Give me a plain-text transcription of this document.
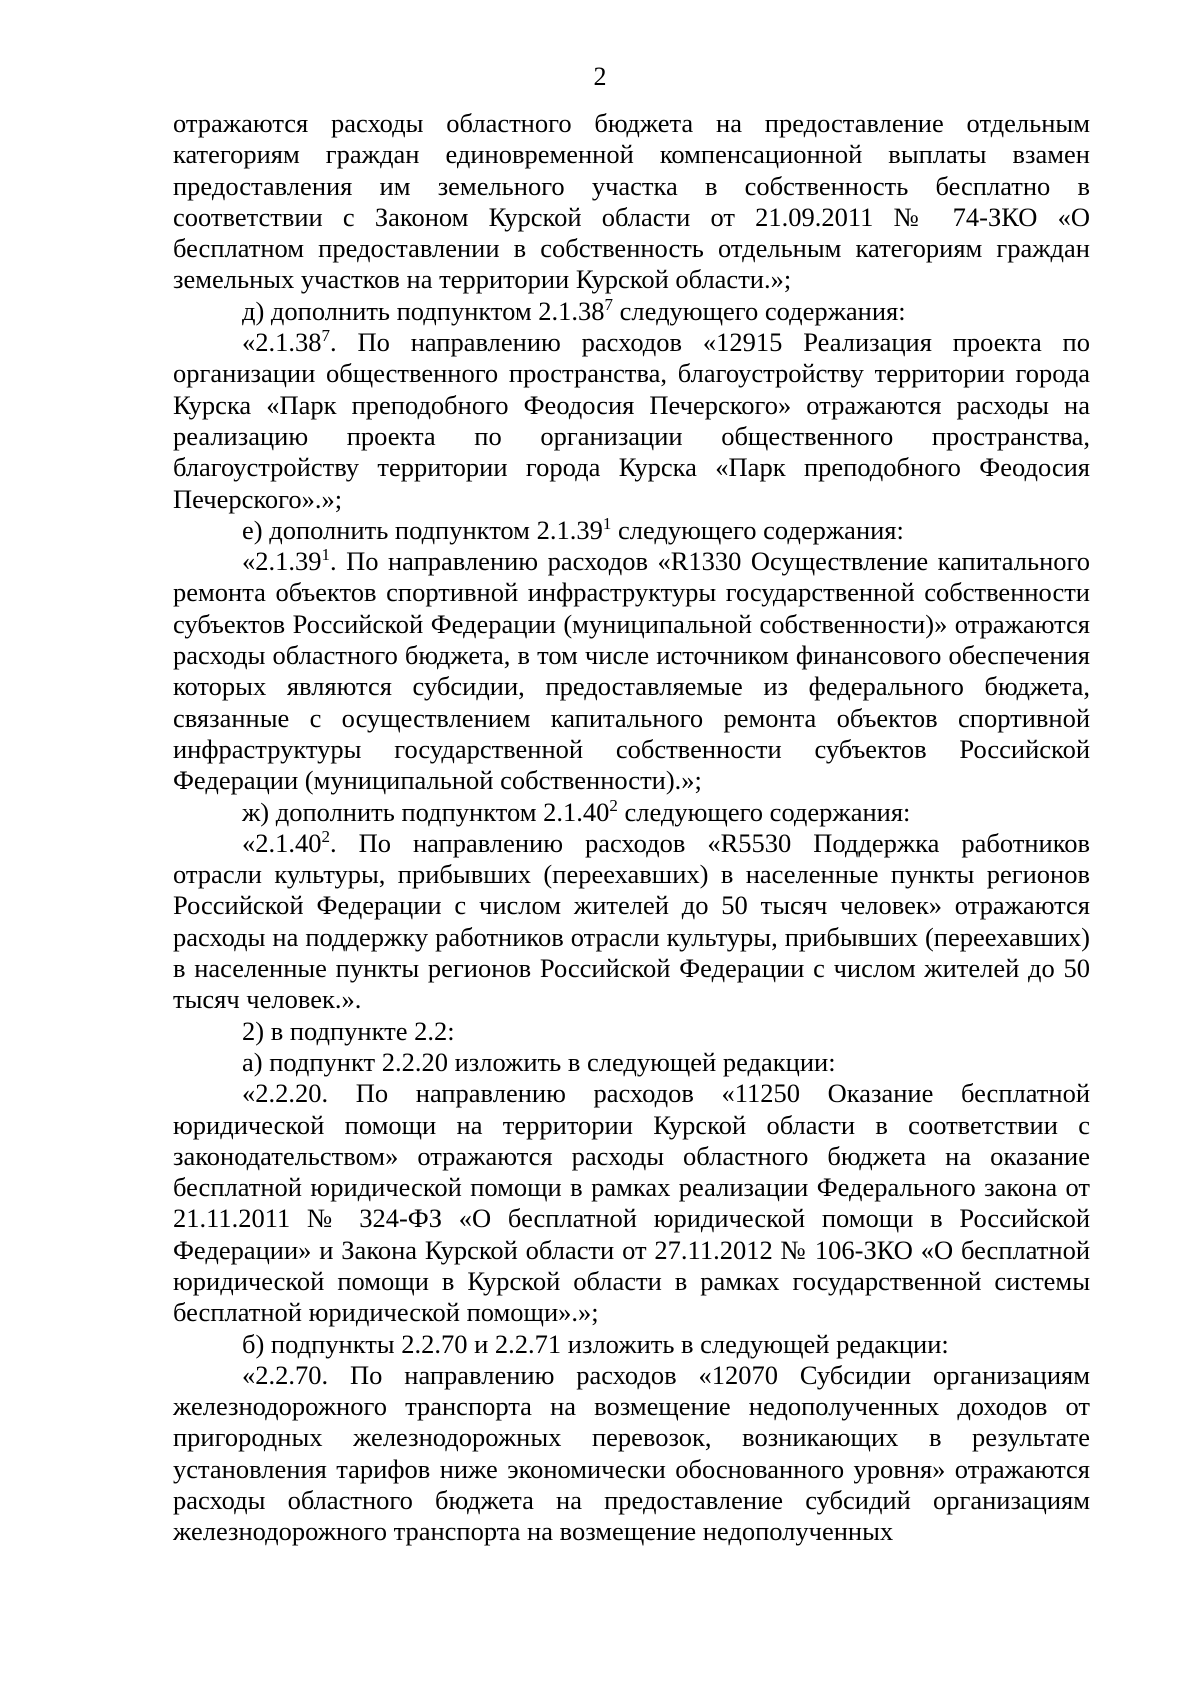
2

отражаются расходы областного бюджета на предоставление отдельным категориям граждан единовременной компенсационной выплаты взамен предоставления им земельного участка в собственность бесплатно в соответствии с Законом Курской области от 21.09.2011 № 74-ЗКО «О бесплатном предоставлении в собственность отдельным категориям граждан земельных участков на территории Курской области.»;

д) дополнить подпунктом 2.1.38$^7$ следующего содержания:

«2.1.38$^7$. По направлению расходов «12915 Реализация проекта по организации общественного пространства, благоустройству территории города Курска «Парк преподобного Феодосия Печерского» отражаются расходы на реализацию проекта по организации общественного пространства, благоустройству территории города Курска «Парк преподобного Феодосия Печерского».»;

е) дополнить подпунктом 2.1.39$^1$ следующего содержания:

«2.1.39$^1$. По направлению расходов «R1330 Осуществление капитального ремонта объектов спортивной инфраструктуры государственной собственности субъектов Российской Федерации (муниципальной собственности)» отражаются расходы областного бюджета, в том числе источником финансового обеспечения которых являются субсидии, предоставляемые из федерального бюджета, связанные с осуществлением капитального ремонта объектов спортивной инфраструктуры государственной собственности субъектов Российской Федерации (муниципальной собственности).»;

ж) дополнить подпунктом 2.1.40$^2$ следующего содержания:

«2.1.40$^2$. По направлению расходов «R5530 Поддержка работников отрасли культуры, прибывших (переехавших) в населенные пункты регионов Российской Федерации с числом жителей до 50 тысяч человек» отражаются расходы на поддержку работников отрасли культуры, прибывших (переехавших) в населенные пункты регионов Российской Федерации с числом жителей до 50 тысяч человек.».

2) в подпункте 2.2:

а) подпункт 2.2.20 изложить в следующей редакции:

«2.2.20. По направлению расходов «11250 Оказание бесплатной юридической помощи на территории Курской области в соответствии с законодательством» отражаются расходы областного бюджета на оказание бесплатной юридической помощи в рамках реализации Федерального закона от 21.11.2011 № 324-ФЗ «О бесплатной юридической помощи в Российской Федерации» и Закона Курской области от 27.11.2012 № 106-ЗКО «О бесплатной юридической помощи в Курской области в рамках государственной системы бесплатной юридической помощи».»;

б) подпункты 2.2.70 и 2.2.71 изложить в следующей редакции:

«2.2.70. По направлению расходов «12070 Субсидии организациям железнодорожного транспорта на возмещение недополученных доходов от пригородных железнодорожных перевозок, возникающих в результате установления тарифов ниже экономически обоснованного уровня» отражаются расходы областного бюджета на предоставление субсидий организациям железнодорожного транспорта на возмещение недополученных
